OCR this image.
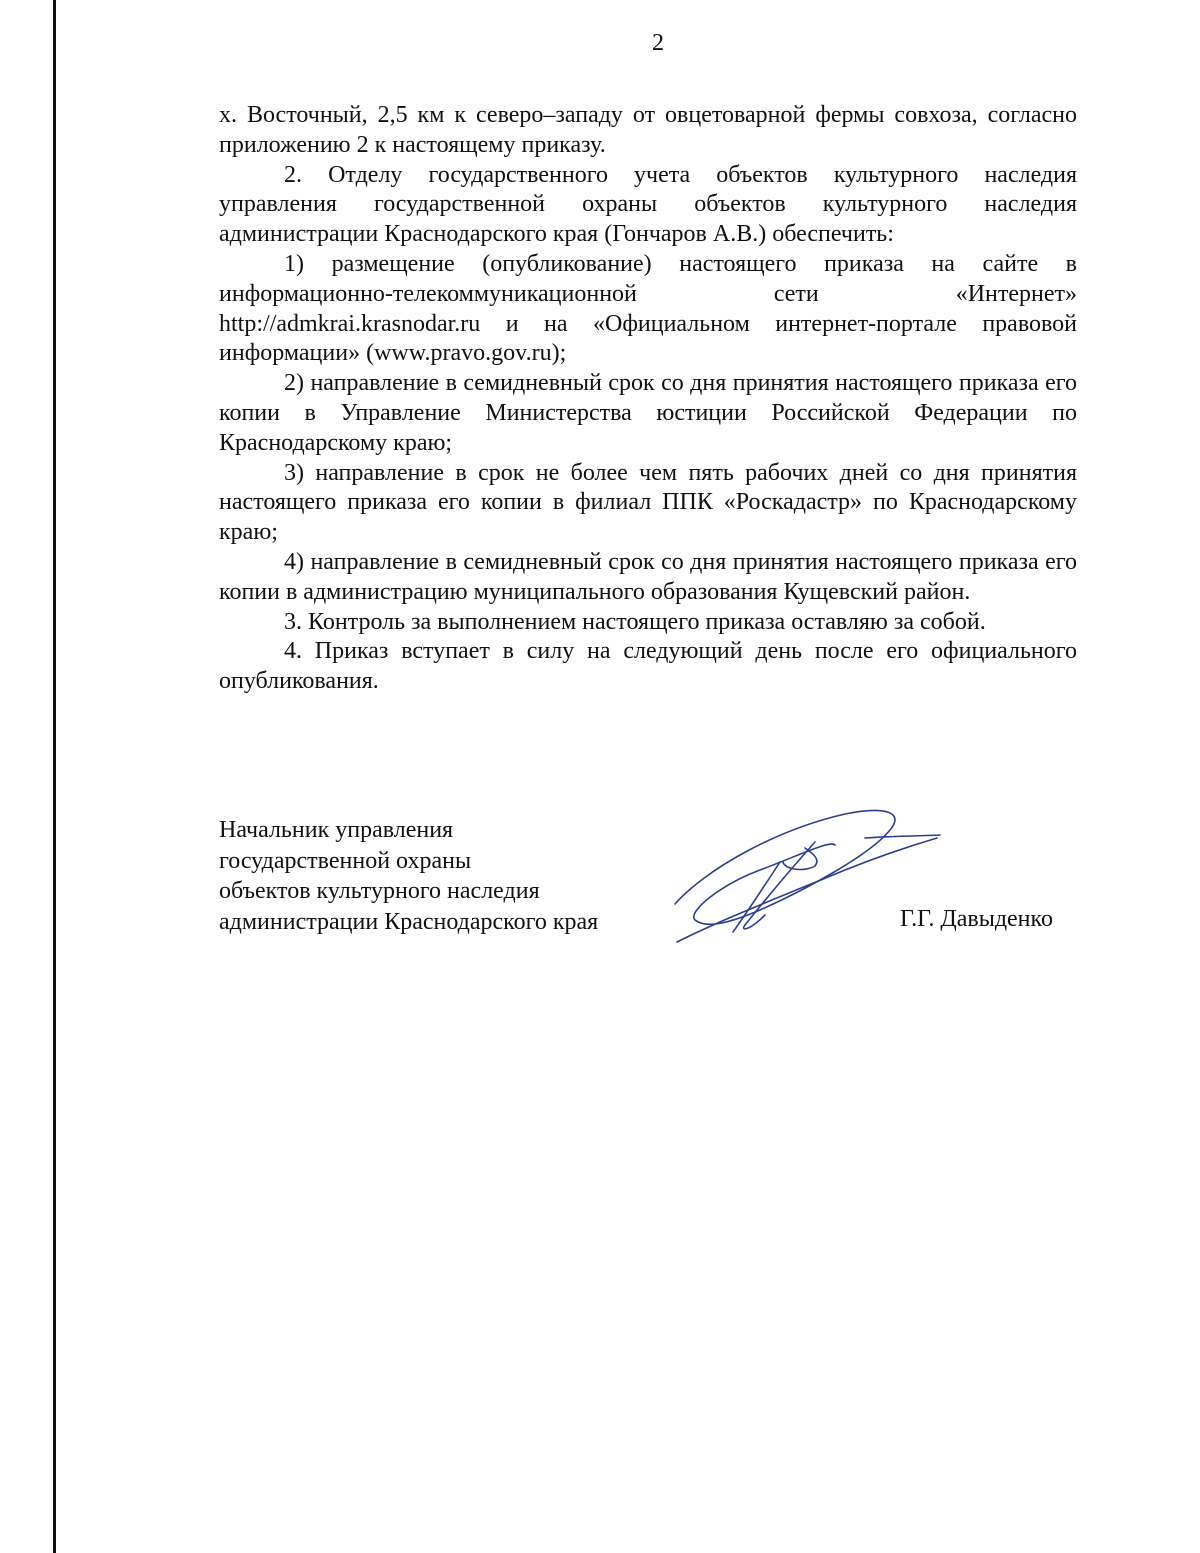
2

х. Восточный, 2,5 км к северо–западу от овцетоварной фермы совхоза, согласно приложению 2 к настоящему приказу.

2. Отделу государственного учета объектов культурного наследия управления государственной охраны объектов культурного наследия администрации Краснодарского края (Гончаров А.В.) обеспечить:

1) размещение (опубликование) настоящего приказа на сайте в информационно-телекоммуникационной сети «Интернет» http://admkrai.krasnodar.ru и на «Официальном интернет-портале правовой информации» (www.pravo.gov.ru);

2) направление в семидневный срок со дня принятия настоящего приказа его копии в Управление Министерства юстиции Российской Федерации по Краснодарскому краю;

3) направление в срок не более чем пять рабочих дней со дня принятия настоящего приказа его копии в филиал ППК «Роскадастр» по Краснодарскому краю;

4) направление в семидневный срок со дня принятия настоящего приказа его копии в администрацию муниципального образования Кущевский район.

3. Контроль за выполнением настоящего приказа оставляю за собой.

4. Приказ вступает в силу на следующий день после его официального опубликования.

Начальник управления
государственной охраны
объектов культурного наследия
администрации Краснодарского края	Г.Г. Давыденко
